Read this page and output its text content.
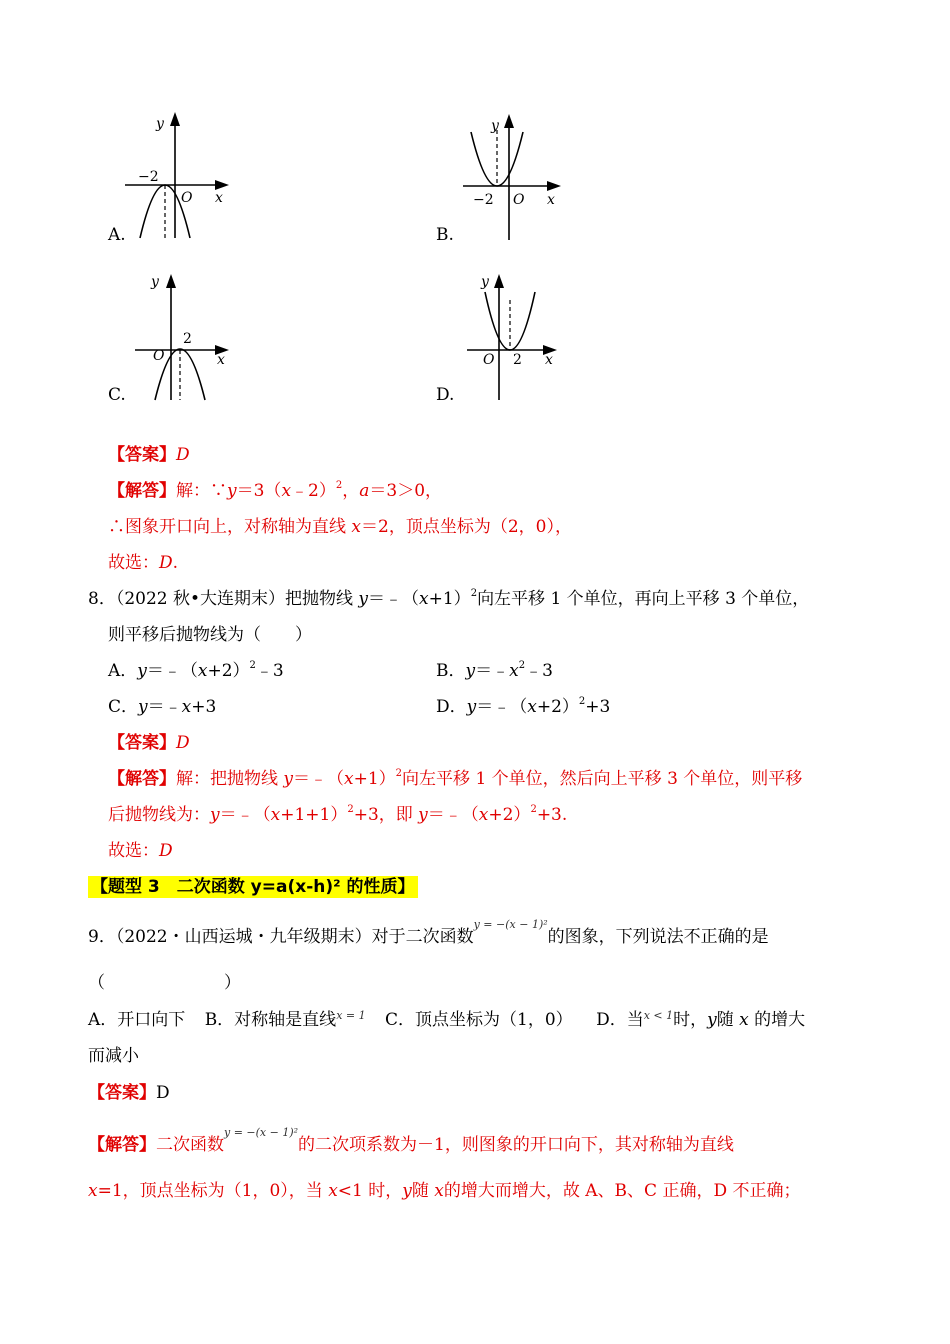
y
−2
O x
A.
y
−2 O x
B.
y
2
O	x
C.
y
2
O	x
D.
【答案】D
【解答】解：∵y＝3（x﹣2）$^2$，a＝3＞0，
∴图象开口向上，对称轴为直线 x＝2，顶点坐标为（2，0），
故选：D.
8．（2022 秋•大连期末）把抛物线 $y=﹣(x+1)^2$向左平移 1 个单位，再向上平移 3 个单位，
则平移后抛物线为（　　）
A．$y=﹣(x+2)^2﹣3$	B．$y=﹣x^2﹣3$
C．y＝﹣x+3	D．$y=﹣(x+2)^2+3$
【答案】D
【解答】解：把抛物线 $y=﹣(x+1)^2$向左平移 1 个单位，然后向上平移 3 个单位，则平移
后抛物线为：$y=﹣(x+1+1)^2+3$，即 $y=﹣(x+2)^2+3$.
故选：D
【题型 3　二次函数 y=a(x-h)² 的性质】
9．（2022・山西运城・九年级期末）对于二次函数$^{y = -(x - 1)^2}$的图象，下列说法不正确的是
（　　　　　　　）
A．开口向下 B．对称轴是直线$^{x = 1}$ C．顶点坐标为（1，0） D．当$^{x < 1}$时，y随 x 的增大
而减小
【答案】D
【解答】二次函数$^{y = -(x - 1)^2}$的二次项系数为－1，则图象的开口向下，其对称轴为直线
x=1，顶点坐标为（1，0），当 x<1 时，y随 x的增大而增大，故 A、B、C 正确，D 不正确；
